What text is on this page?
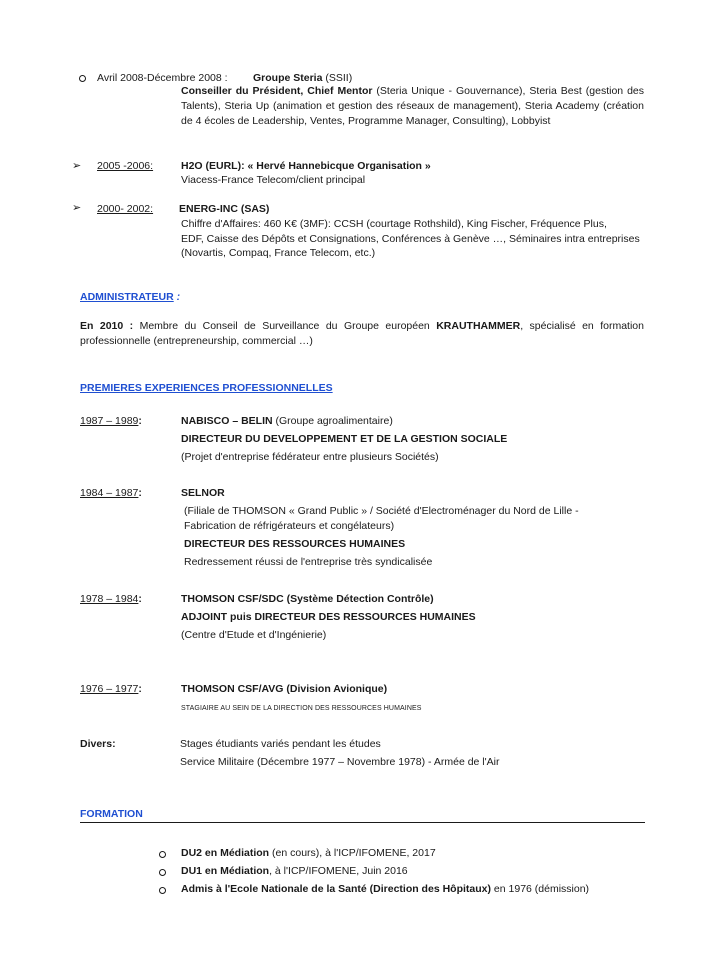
Avril 2008-Décembre 2008 : Groupe Steria (SSII)
Conseiller du Président, Chief Mentor (Steria Unique - Gouvernance), Steria Best (gestion des Talents), Steria Up (animation et gestion des réseaux de management), Steria Academy (création de 4 écoles de Leadership, Ventes, Programme Manager, Consulting), Lobbyist
➢ 2005 -2006:	H2O (EURL): « Hervé Hannebicque Organisation »
Viacess-France Telecom/client principal
➢ 2000- 2002: ENERG-INC (SAS)
Chiffre d'Affaires: 460 K€ (3MF): CCSH (courtage Rothshild), King Fischer, Fréquence Plus,
EDF, Caisse des Dépôts et Consignations, Conférences à Genève …, Séminaires intra entreprises
(Novartis, Compaq, France Telecom, etc.)
ADMINISTRATEUR :
En 2010 : Membre du Conseil de Surveillance du Groupe européen KRAUTHAMMER, spécialisé en formation professionnelle (entrepreneurship, commercial …)
PREMIERES EXPERIENCES PROFESSIONNELLES
1987 – 1989:	NABISCO – BELIN (Groupe agroalimentaire)
DIRECTEUR DU DEVELOPPEMENT ET DE LA GESTION SOCIALE
(Projet d'entreprise fédérateur entre plusieurs Sociétés)
1984 – 1987:	SELNOR
(Filiale de THOMSON « Grand Public » / Société d'Electroménager du Nord de Lille -
Fabrication de réfrigérateurs et congélateurs)
DIRECTEUR DES RESSOURCES HUMAINES
Redressement réussi de l'entreprise très syndicalisée
1978 – 1984:	THOMSON CSF/SDC (Système Détection Contrôle)
ADJOINT puis DIRECTEUR DES RESSOURCES HUMAINES
(Centre d'Etude et d'Ingénierie)
1976 – 1977:	THOMSON CSF/AVG (Division Avionique)
STAGIAIRE AU SEIN DE LA DIRECTION DES RESSOURCES HUMAINES
Divers:	Stages étudiants variés pendant les études
Service Militaire (Décembre 1977 – Novembre 1978) - Armée de l'Air
FORMATION
DU2 en Médiation (en cours), à l'ICP/IFOMENE, 2017
DU1 en Médiation, à l'ICP/IFOMENE, Juin 2016
Admis à l'Ecole Nationale de la Santé (Direction des Hôpitaux) en 1976 (démission)
